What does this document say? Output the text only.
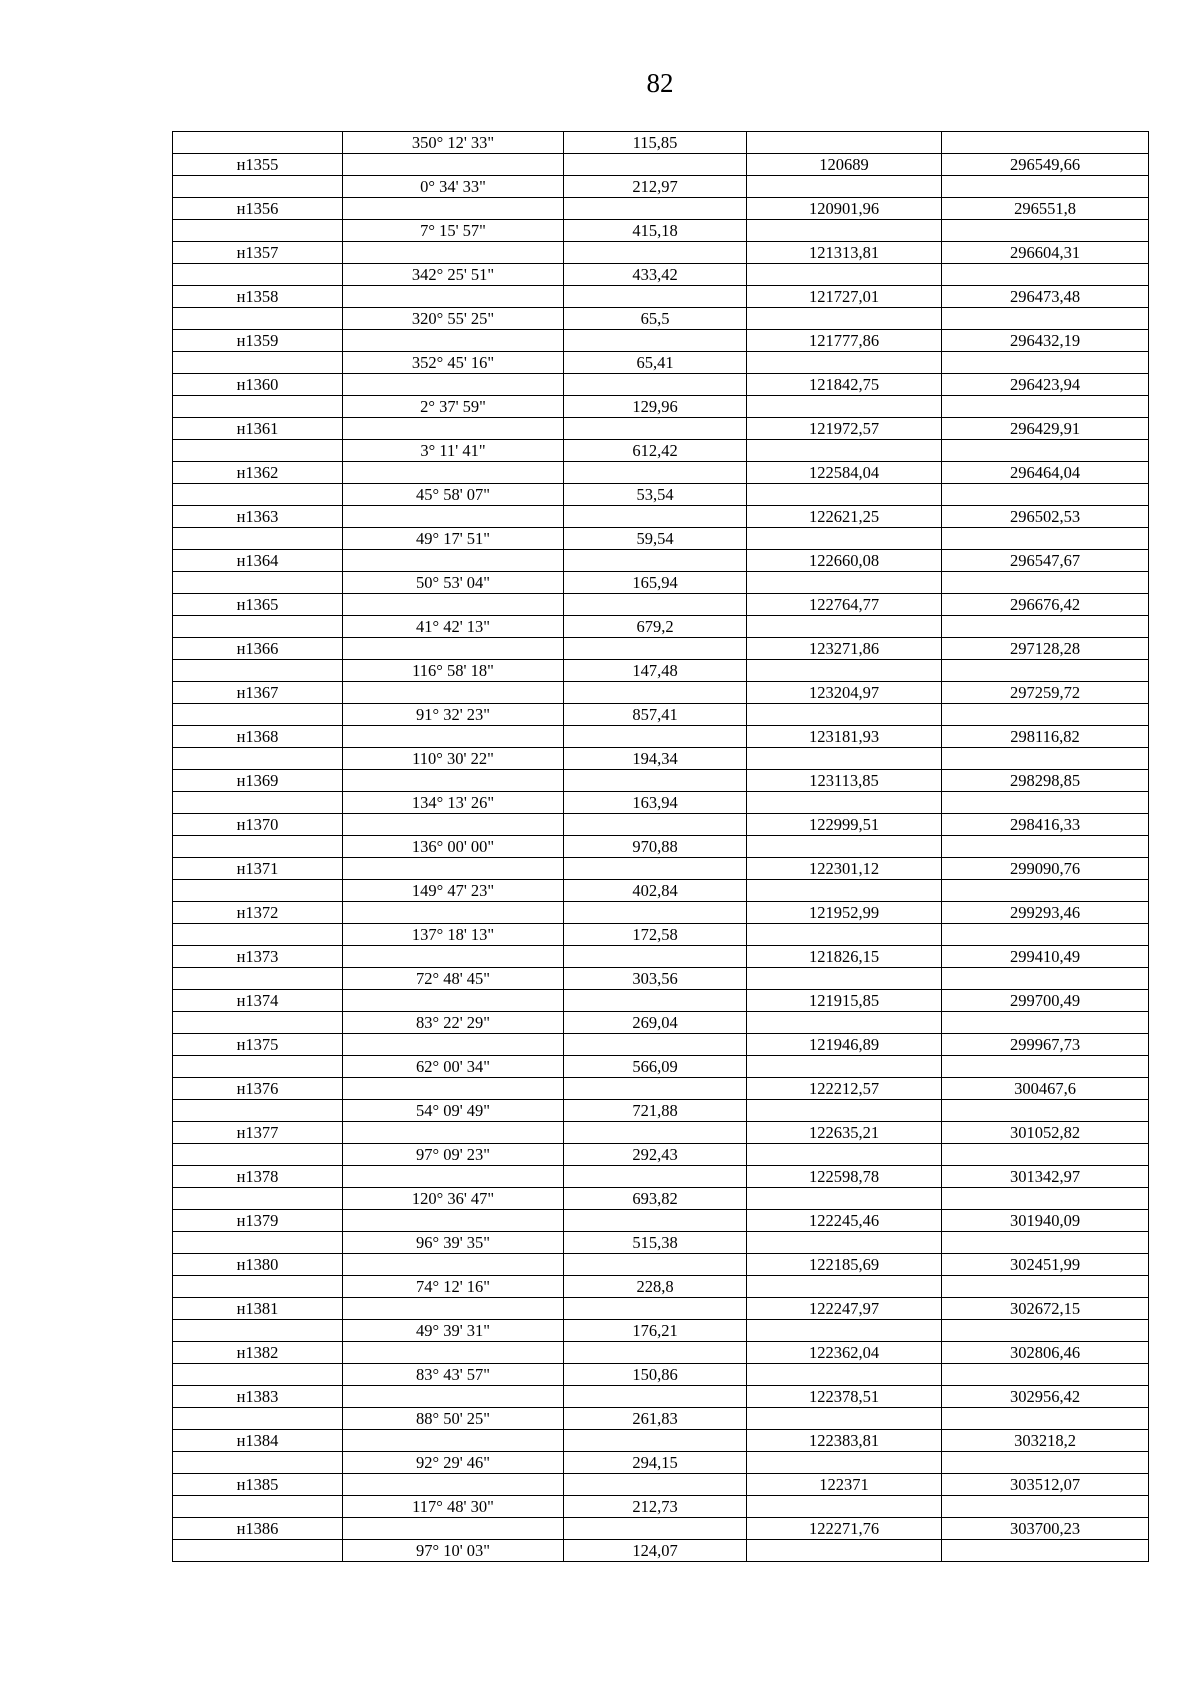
82
	350° 12' 33"	115,85		
н1355			120689	296549,66
	0° 34' 33"	212,97		
н1356			120901,96	296551,8
	7° 15' 57"	415,18		
н1357			121313,81	296604,31
	342° 25' 51"	433,42		
н1358			121727,01	296473,48
	320° 55' 25"	65,5		
н1359			121777,86	296432,19
	352° 45' 16"	65,41		
н1360			121842,75	296423,94
	2° 37' 59"	129,96		
н1361			121972,57	296429,91
	3° 11' 41"	612,42		
н1362			122584,04	296464,04
	45° 58' 07"	53,54		
н1363			122621,25	296502,53
	49° 17' 51"	59,54		
н1364			122660,08	296547,67
	50° 53' 04"	165,94		
н1365			122764,77	296676,42
	41° 42' 13"	679,2		
н1366			123271,86	297128,28
	116° 58' 18"	147,48		
н1367			123204,97	297259,72
	91° 32' 23"	857,41		
н1368			123181,93	298116,82
	110° 30' 22"	194,34		
н1369			123113,85	298298,85
	134° 13' 26"	163,94		
н1370			122999,51	298416,33
	136° 00' 00"	970,88		
н1371			122301,12	299090,76
	149° 47' 23"	402,84		
н1372			121952,99	299293,46
	137° 18' 13"	172,58		
н1373			121826,15	299410,49
	72° 48' 45"	303,56		
н1374			121915,85	299700,49
	83° 22' 29"	269,04		
н1375			121946,89	299967,73
	62° 00' 34"	566,09		
н1376			122212,57	300467,6
	54° 09' 49"	721,88		
н1377			122635,21	301052,82
	97° 09' 23"	292,43		
н1378			122598,78	301342,97
	120° 36' 47"	693,82		
н1379			122245,46	301940,09
	96° 39' 35"	515,38		
н1380			122185,69	302451,99
	74° 12' 16"	228,8		
н1381			122247,97	302672,15
	49° 39' 31"	176,21		
н1382			122362,04	302806,46
	83° 43' 57"	150,86		
н1383			122378,51	302956,42
	88° 50' 25"	261,83		
н1384			122383,81	303218,2
	92° 29' 46"	294,15		
н1385			122371	303512,07
	117° 48' 30"	212,73		
н1386			122271,76	303700,23
	97° 10' 03"	124,07		
